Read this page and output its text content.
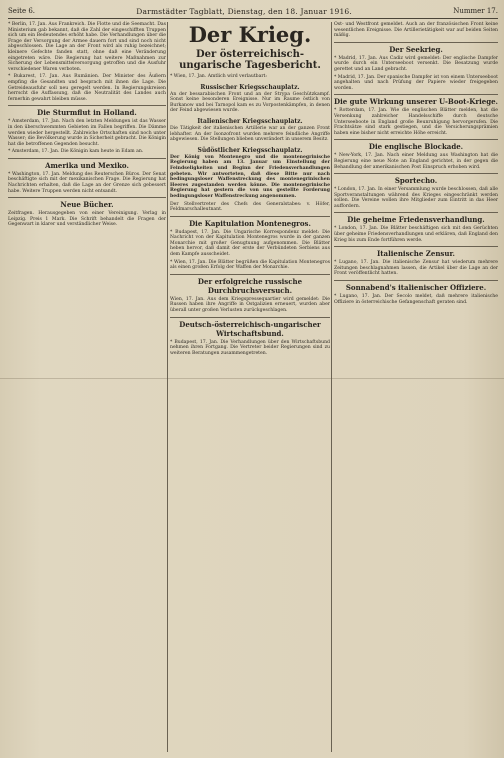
Seite 6.	Darmstädter Tagblatt, Dienstag, den 18. Januar 1916.	Nummer 17.

* Berlin, 17. Jan. Aus Frankreich. Die Flotte und die Seemacht. Das Ministerium gab bekannt, daß die Zahl der eingeschifften Truppen sich um ein Bedeutendes erhöht habe. Die Verhandlungen über die Frage der Versorgung der Armee dauern fort und sind noch nicht abgeschlossen. Die Lage an der Front wird als ruhig bezeichnet; kleinere Gefechte fanden statt, ohne daß eine Veränderung eingetreten wäre. Die Regierung hat weitere Maßnahmen zur Sicherung der Lebensmittelversorgung getroffen und die Ausfuhr verschiedener Waren verboten.

* Bukarest, 17. Jan. Aus Rumänien. Der Minister des Äußern empfing die Gesandten und besprach mit ihnen die Lage. Die Getreideausfuhr soll neu geregelt werden. In Regierungskreisen herrscht die Auffassung, daß die Neutralität des Landes auch fernerhin gewahrt bleiben müsse.

Die Sturmflut in Holland.

* Amsterdam, 17. Jan. Nach den letzten Meldungen ist das Wasser in den überschwemmten Gebieten im Fallen begriffen. Die Dämme werden wieder hergestellt. Zahlreiche Ortschaften sind noch unter Wasser; die Bevölkerung wurde in Sicherheit gebracht. Die Königin hat die betroffenen Gegenden besucht.

* Amsterdam, 17. Jan. Die Königin kam heute in Edam an.

Amerika und Mexiko.

* Washington, 17. Jan. Meldung des Reuterschen Büros. Der Senat beschäftigte sich mit der mexikanischen Frage. Die Regierung hat Nachrichten erhalten, daß die Lage an der Grenze sich gebessert habe. Weitere Truppen werden nicht entsandt.

Neue Bücher.

Zeitfragen. Herausgegeben von einer Vereinigung. Verlag in Leipzig. Preis 1 Mark. Die Schrift behandelt die Fragen der Gegenwart in klarer und verständlicher Weise.

Der Krieg.
Der österreichisch-ungarische Tagesbericht.

* Wien, 17. Jan. Amtlich wird verlautbart:

Russischer Kriegsschauplatz.

An der bessarabischen Front und an der Strypa Geschützkampf. Sonst keine besonderen Ereignisse. Nur im Raume östlich von Burkanow und bei Tarnopol kam es zu Vorpostenkämpfen, in denen der Feind abgewiesen wurde.

Italienischer Kriegsschauplatz.

Die Tätigkeit der italienischen Artillerie war an der ganzen Front lebhafter. An der Isonzofront wurden mehrere feindliche Angriffe abgewiesen. Die Stellungen blieben unverändert in unserem Besitz.

Südöstlicher Kriegsschauplatz.

Der König von Montenegro und die montenegrinische Regierung haben am 13. Januar um Einstellung der Feindseligkeiten und Beginn der Friedensverhandlungen gebeten. Wir antworteten, daß diese Bitte nur nach bedingungsloser Waffenstreckung des montenegrinischen Heeres zugestanden werden könne. Die montenegrinische Regierung hat gestern die von uns gestellte Forderung bedingungsloser Waffenstreckung angenommen.

Der Stellvertreter des Chefs des Generalstabes: v. Höfer, Feldmarschalleutnant.

Die Kapitulation Montenegros.

* Budapest, 17. Jan. Die Ungarische Korrespondenz meldet: Die Nachricht von der Kapitulation Montenegros wurde in der ganzen Monarchie mit großer Genugtuung aufgenommen. Die Blätter heben hervor, daß damit der erste der Verbündeten Serbiens aus dem Kampfe ausscheidet.

* Wien, 17. Jan. Die Blätter begrüßen die Kapitulation Montenegros als einen großen Erfolg der Waffen der Monarchie.

Der erfolgreiche russische Durchbruchsversuch.

Wien, 17. Jan. Aus dem Kriegspressequartier wird gemeldet: Die Russen haben ihre Angriffe in Ostgalizien erneuert, wurden aber überall unter großen Verlusten zurückgeschlagen.

Deutsch-österreichisch-ungarischer Wirtschaftsbund.

* Budapest, 17. Jan. Die Verhandlungen über den Wirtschaftsbund nehmen ihren Fortgang. Die Vertreter beider Regierungen sind zu weiteren Beratungen zusammengetreten.

Ost- und Westfront gemeldet. Auch an der französischen Front keine wesentlichen Ereignisse. Die Artillerietätigkeit war auf beiden Seiten mäßig.

Der Seekrieg.

* Madrid, 17. Jan. Aus Cadiz wird gemeldet: Der englische Dampfer wurde durch ein Unterseeboot versenkt. Die Besatzung wurde gerettet und an Land gebracht.

* Madrid, 17. Jan. Der spanische Dampfer ist von einem Unterseeboot angehalten und nach Prüfung der Papiere wieder freigegeben worden.

Die gute Wirkung unserer U-Boot-Kriege.

* Rotterdam, 17. Jan. Wie die englischen Blätter melden, hat die Versenkung zahlreicher Handelsschiffe durch deutsche Unterseeboote in England große Beunruhigung hervorgerufen. Die Frachtsätze sind stark gestiegen, und die Versicherungsprämien haben eine bisher nicht erreichte Höhe erreicht.

Die englische Blockade.

* New-York, 17. Jan. Nach einer Meldung aus Washington hat die Regierung eine neue Note an England gerichtet, in der gegen die Behandlung der amerikanischen Post Einspruch erhoben wird.

Sportecho.

* London, 17. Jan. In einer Versammlung wurde beschlossen, daß alle Sportveranstaltungen während des Krieges eingeschränkt werden sollen. Die Vereine wollen ihre Mitglieder zum Eintritt in das Heer auffordern.

Die geheime Friedensverhandlung.

* London, 17. Jan. Die Blätter beschäftigen sich mit den Gerüchten über geheime Friedensverhandlungen und erklären, daß England den Krieg bis zum Ende fortführen werde.

Italienische Zensur.

* Lugano, 17. Jan. Die italienische Zensur hat wiederum mehrere Zeitungen beschlagnahmen lassen, die Artikel über die Lage an der Front veröffentlicht hatten.

Sonnabend's italienischer Offiziere.

* Lugano, 17. Jan. Der Secolo meldet, daß mehrere italienische Offiziere in österreichische Gefangenschaft geraten sind.
